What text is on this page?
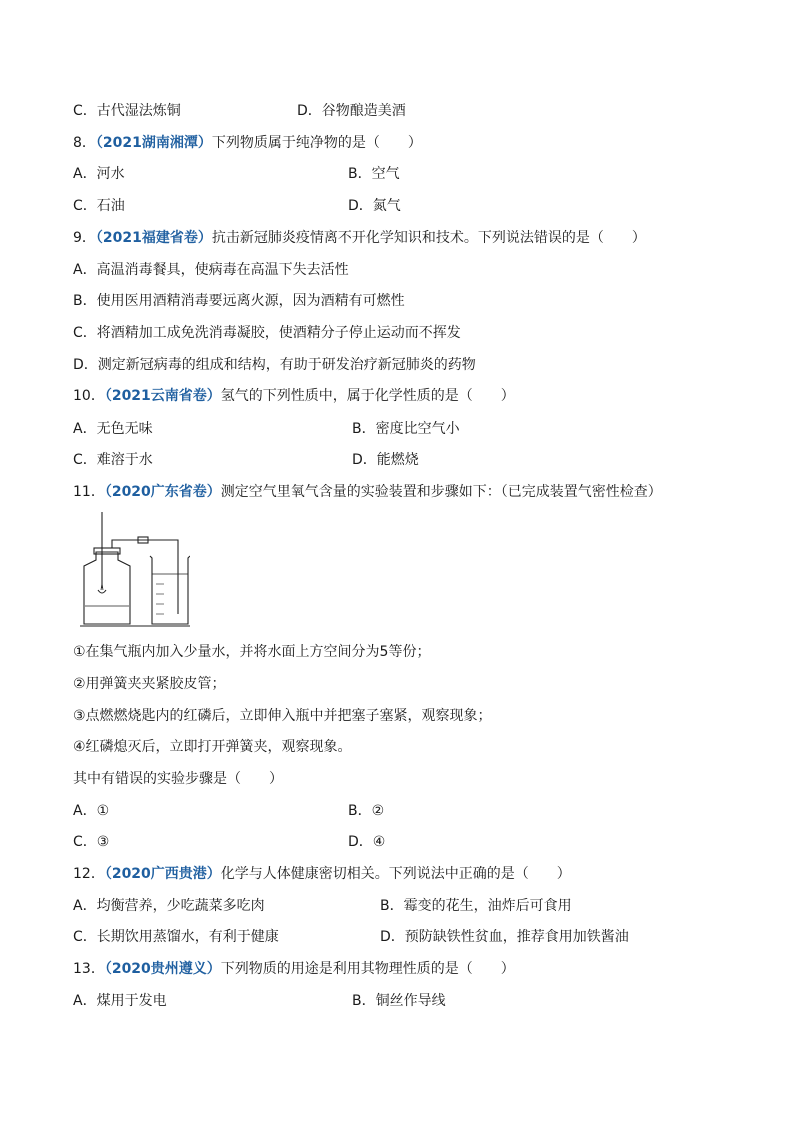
C．古代湿法炼铜	D．谷物酿造美酒
8．（2021湖南湘潭）下列物质属于纯净物的是（　　）
A．河水	B．空气
C．石油	D．氮气
9．（2021福建省卷）抗击新冠肺炎疫情离不开化学知识和技术。下列说法错误的是（　　）
A．高温消毒餐具，使病毒在高温下失去活性
B．使用医用酒精消毒要远离火源，因为酒精有可燃性
C．将酒精加工成免洗消毒凝胶，使酒精分子停止运动而不挥发
D．测定新冠病毒的组成和结构，有助于研发治疗新冠肺炎的药物
10．（2021云南省卷）氢气的下列性质中，属于化学性质的是（　　）
A．无色无味	B．密度比空气小
C．难溶于水	D．能燃烧
11．（2020广东省卷）测定空气里氧气含量的实验装置和步骤如下：（已完成装置气密性检查）
①在集气瓶内加入少量水，并将水面上方空间分为5等份；
②用弹簧夹夹紧胶皮管；
③点燃燃烧匙内的红磷后，立即伸入瓶中并把塞子塞紧，观察现象；
④红磷熄灭后，立即打开弹簧夹，观察现象。
其中有错误的实验步骤是（　　）
A．①	B．②
C．③	D．④
12．（2020广西贵港）化学与人体健康密切相关。下列说法中正确的是（　　）
A．均衡营养，少吃蔬菜多吃肉	B．霉变的花生，油炸后可食用
C．长期饮用蒸馏水，有利于健康	D．预防缺铁性贫血，推荐食用加铁酱油
13．（2020贵州遵义）下列物质的用途是利用其物理性质的是（　　）
A．煤用于发电	B．铜丝作导线
